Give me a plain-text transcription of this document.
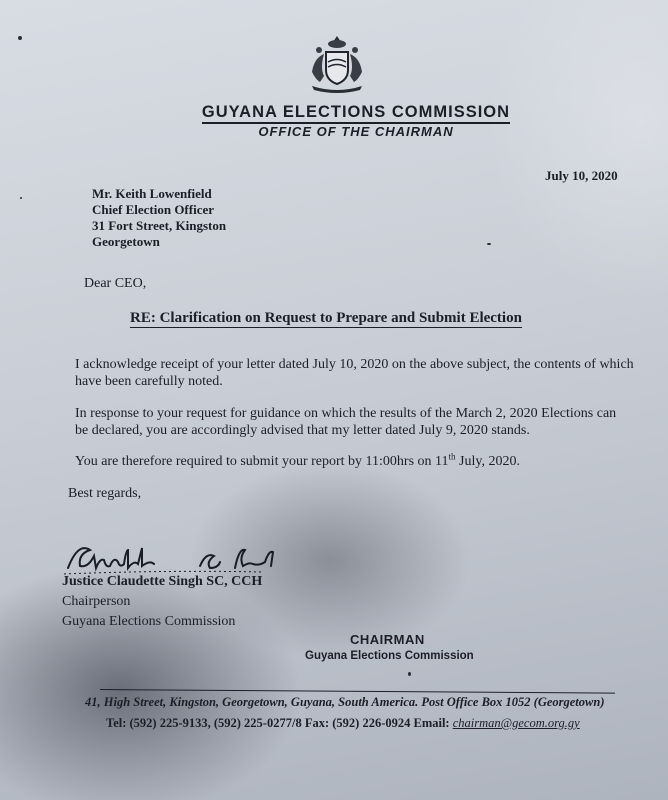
GUYANA ELECTIONS COMMISSION
OFFICE OF THE CHAIRMAN
July 10, 2020
Mr. Keith Lowenfield
Chief Election Officer
31 Fort Street, Kingston
Georgetown
Dear CEO,
RE: Clarification on Request to Prepare and Submit Election
I acknowledge receipt of your letter dated July 10, 2020 on the above subject, the contents of which
have been carefully noted.
In response to your request for guidance on which the results of the March 2, 2020 Elections can
be declared, you are accordingly advised that my letter dated July 9, 2020 stands.
You are therefore required to submit your report by 11:00hrs on 11th July, 2020.
Best regards,
Justice Claudette Singh SC, CCH
Chairperson
Guyana Elections Commission
CHAIRMAN
Guyana Elections Commission
41, High Street, Kingston, Georgetown, Guyana, South America. Post Office Box 1052 (Georgetown)
Tel: (592) 225-9133, (592) 225-0277/8 Fax: (592) 226-0924 Email: chairman@gecom.org.gy
